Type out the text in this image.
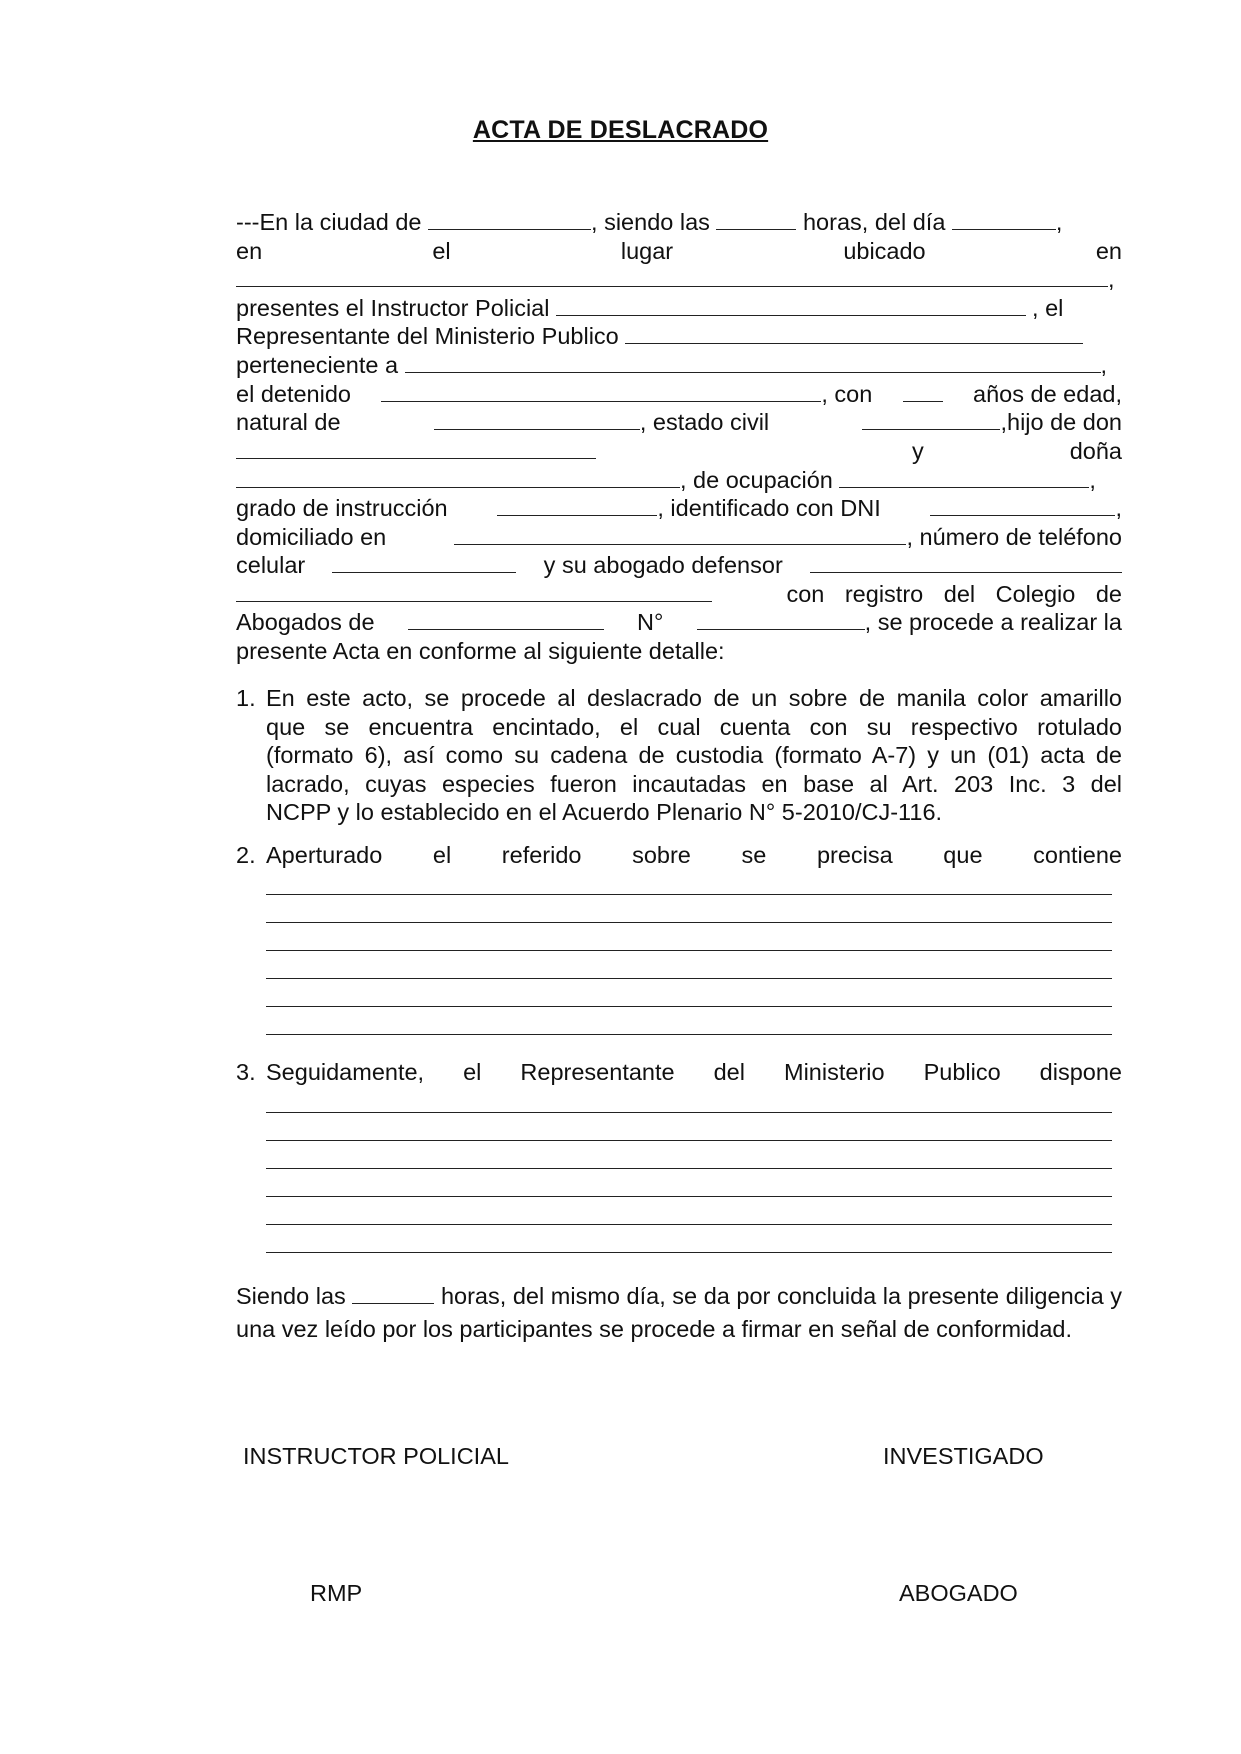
ACTA DE DESLACRADO
---En la ciudad de	, siendo las	horas, del día	,
en	el	lugar	ubicado	en
,
presentes el Instructor Policial	, el
Representante del Ministerio Publico
perteneciente a	,
el detenido	, con	años de edad,
natural de	, estado civil	,hijo de don
y	doña
, de ocupación	,
grado de instrucción	, identificado con DNI	,
domiciliado en	, número de teléfono
celular	y su abogado defensor
con registro del Colegio de
Abogados de	N°	, se procede a realizar la
presente Acta en conforme al siguiente detalle:
1. En este acto, se procede al deslacrado de un sobre de manila color amarillo
que se encuentra encintado, el cual cuenta con su respectivo rotulado
(formato 6), así como su cadena de custodia (formato A-7) y un (01) acta de
lacrado, cuyas especies fueron incautadas en base al Art. 203 Inc. 3 del
NCPP y lo establecido en el Acuerdo Plenario N° 5-2010/CJ-116.
2. Aperturado el referido sobre se precisa que contiene
3. Seguidamente, el Representante del Ministerio Publico dispone
Siendo las	horas, del mismo día, se da por concluida la presente diligencia y una vez leído por los participantes se procede a firmar en señal de conformidad.
INSTRUCTOR POLICIAL	INVESTIGADO
RMP	ABOGADO
